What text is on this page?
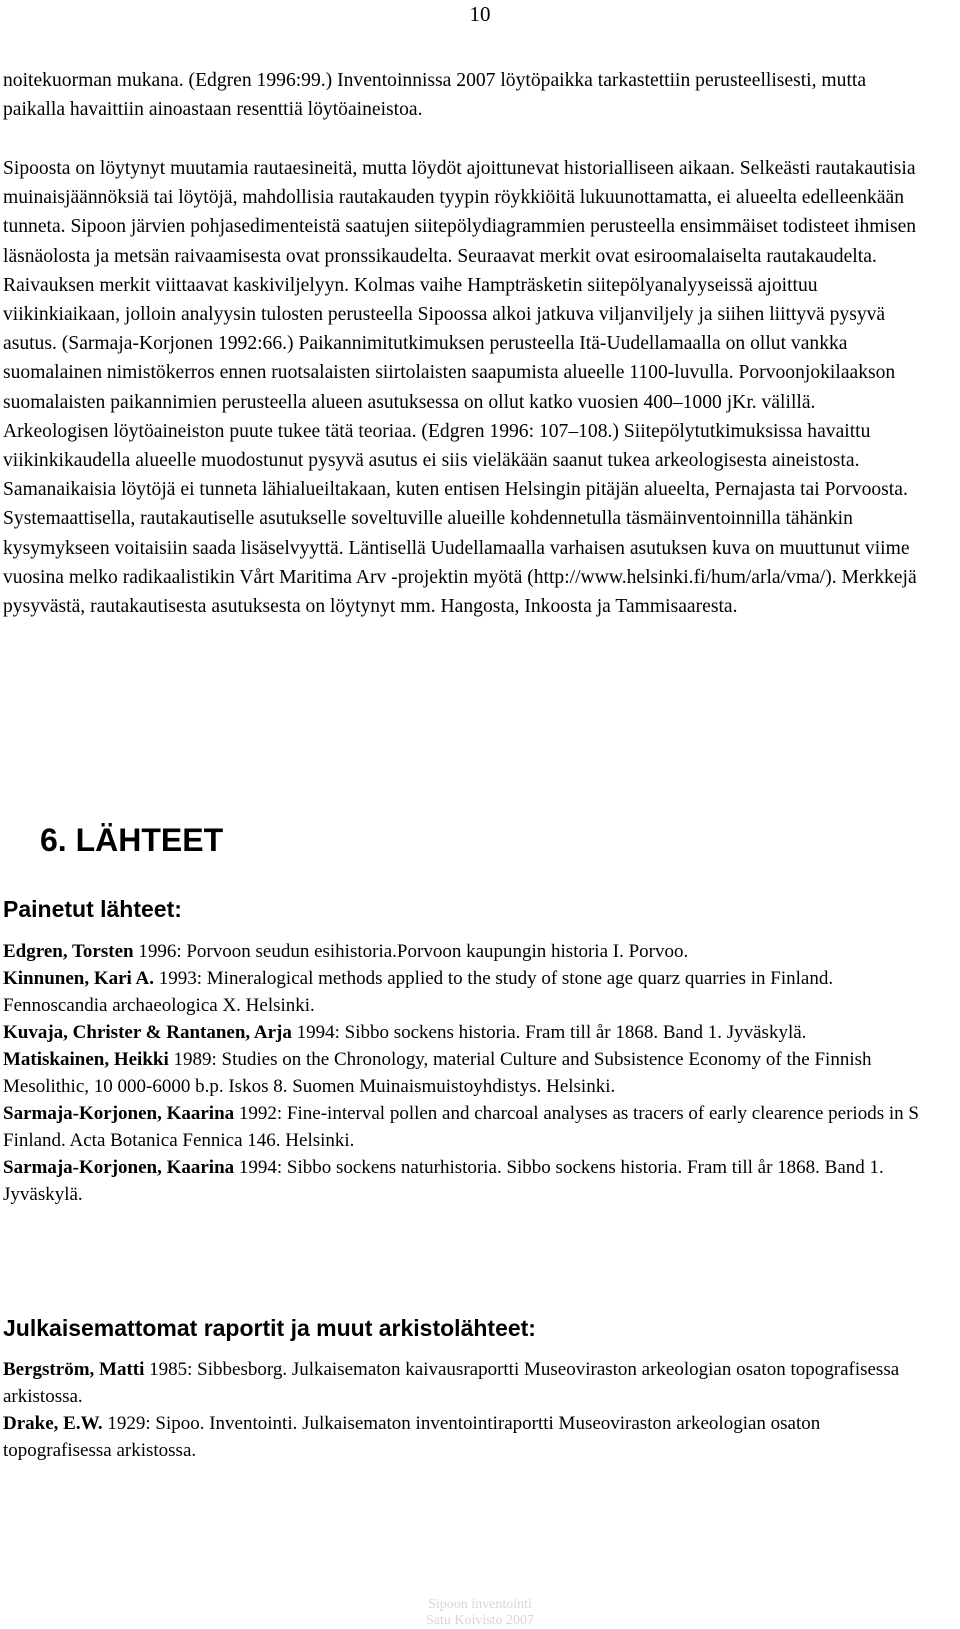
10

noitekuorman mukana. (Edgren 1996:99.) Inventoinnissa 2007 löytöpaikka tarkastettiin perusteellisesti, mutta paikalla havaittiin ainoastaan resenttiä löytöaineistoa.

Sipoosta on löytynyt muutamia rautaesineitä, mutta löydöt ajoittunevat historialliseen aikaan. Selkeästi rautakautisia muinaisjäännöksiä tai löytöjä, mahdollisia rautakauden tyypin röykkiöitä lukuunottamatta, ei alueelta edelleenkään tunneta. Sipoon järvien pohjasedimenteistä saatujen siitepölydiagrammien perusteella ensimmäiset todisteet ihmisen läsnäolosta ja metsän raivaamisesta ovat pronssikaudelta. Seuraavat merkit ovat esiroomalaiselta rautakaudelta. Raivauksen merkit viittaavat kaskiviljelyyn. Kolmas vaihe Hampträsketin siitepölyanalyyseissä ajoittuu viikinkiaikaan, jolloin analyysin tulosten perusteella Sipoossa alkoi jatkuva viljanviljely ja siihen liittyvä pysyvä asutus. (Sarmaja-Korjonen 1992:66.) Paikannimitutkimuksen perusteella Itä-Uudellamaalla on ollut vankka suomalainen nimistökerros ennen ruotsalaisten siirtolaisten saapumista alueelle 1100-luvulla. Porvoonjokilaakson suomalaisten paikannimien perusteella alueen asutuksessa on ollut katko vuosien 400–1000 jKr. välillä. Arkeologisen löytöaineiston puute tukee tätä teoriaa. (Edgren 1996: 107–108.) Siitepölytutkimuksissa havaittu viikinkikaudella alueelle muodostunut pysyvä asutus ei siis vieläkään saanut tukea arkeologisesta aineistosta. Samanaikaisia löytöjä ei tunneta lähialueiltakaan, kuten entisen Helsingin pitäjän alueelta, Pernajasta tai Porvoosta. Systemaattisella, rautakautiselle asutukselle soveltuville alueille kohdennetulla täsmäinventoinnilla tähänkin kysymykseen voitaisiin saada lisäselvyyttä. Läntisellä Uudellamaalla varhaisen asutuksen kuva on muuttunut viime vuosina melko radikaalistikin Vårt Maritima Arv -projektin myötä (http://www.helsinki.fi/hum/arla/vma/). Merkkejä pysyvästä, rautakautisesta asutuksesta on löytynyt mm. Hangosta, Inkoosta ja Tammisaaresta.

6. LÄHTEET
Painetut lähteet:
Edgren, Torsten 1996: Porvoon seudun esihistoria.Porvoon kaupungin historia I. Porvoo.
Kinnunen, Kari A. 1993: Mineralogical methods applied to the study of stone age quarz quarries in Finland. Fennoscandia archaeologica X. Helsinki.
Kuvaja, Christer & Rantanen, Arja 1994: Sibbo sockens historia. Fram till år 1868. Band 1. Jyväskylä.
Matiskainen, Heikki 1989: Studies on the Chronology, material Culture and Subsistence Economy of the Finnish Mesolithic, 10 000-6000 b.p. Iskos 8. Suomen Muinaismuistoyhdistys. Helsinki.
Sarmaja-Korjonen, Kaarina 1992: Fine-interval pollen and charcoal analyses as tracers of early clearence periods in S Finland. Acta Botanica Fennica 146. Helsinki.
Sarmaja-Korjonen, Kaarina 1994: Sibbo sockens naturhistoria. Sibbo sockens historia. Fram till år 1868. Band 1. Jyväskylä.
Julkaisemattomat raportit ja muut arkistolähteet:
Bergström, Matti 1985: Sibbesborg. Julkaisematon kaivausraportti Museoviraston arkeologian osaton topografisessa arkistossa.
Drake, E.W. 1929: Sipoo. Inventointi. Julkaisematon inventointiraportti Museoviraston arkeologian osaton topografisessa arkistossa.
Sipoon inventointi
Satu Koivisto 2007
